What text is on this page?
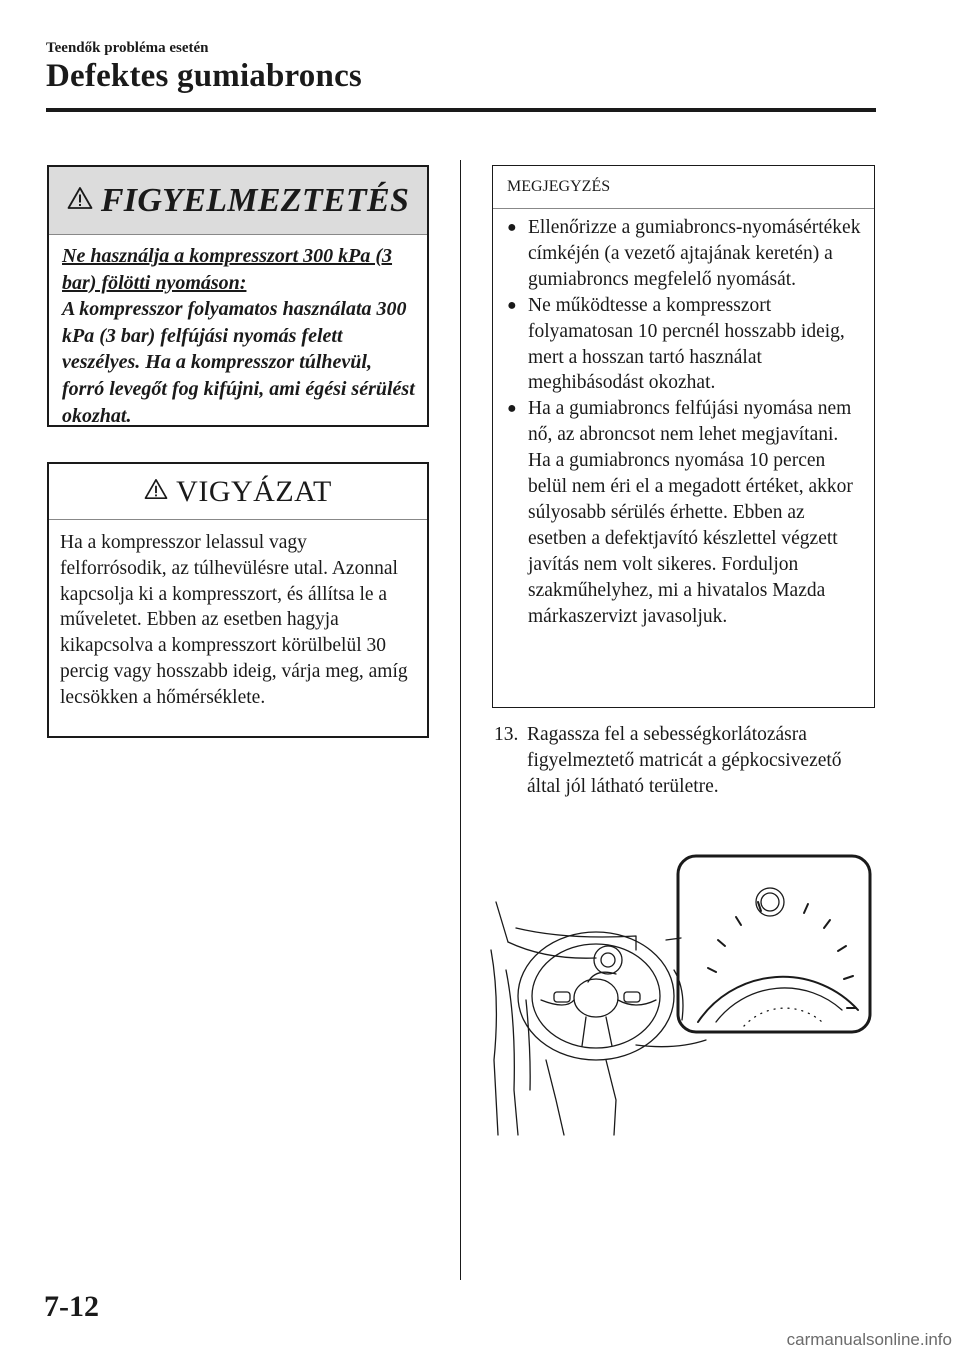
Teendők probléma esetén
Defektes gumiabroncs
FIGYELMEZTETÉS
Ne használja a kompresszort 300 kPa (3 bar) fölötti nyomáson:
A kompresszor folyamatos használata 300 kPa (3 bar) felfújási nyomás felett veszélyes. Ha a kompresszor túlhevül, forró levegőt fog kifújni, ami égési sérülést okozhat.
VIGYÁZAT
Ha a kompresszor lelassul vagy felforrósodik, az túlhevülésre utal. Azonnal kapcsolja ki a kompresszort, és állítsa le a műveletet. Ebben az esetben hagyja kikapcsolva a kompresszort körülbelül 30 percig vagy hosszabb ideig, várja meg, amíg lecsökken a hőmérséklete.
MEGJEGYZÉS
● Ellenőrizze a gumiabroncs-nyomásértékek címkéjén (a vezető ajtajának keretén) a gumiabroncs megfelelő nyomását.
● Ne működtesse a kompresszort folyamatosan 10 percnél hosszabb ideig, mert a hosszan tartó használat meghibásodást okozhat.
● Ha a gumiabroncs felfújási nyomása nem nő, az abroncsot nem lehet megjavítani. Ha a gumiabroncs nyomása 10 percen belül nem éri el a megadott értéket, akkor súlyosabb sérülés érhette. Ebben az esetben a defektjavító készlettel végzett javítás nem volt sikeres. Forduljon szakműhelyhez, mi a hivatalos Mazda márkaszervizt javasoljuk.
13. Ragassza fel a sebességkorlátozásra figyelmeztető matricát a gépkocsivezető által jól látható területre.
7-12
carmanualsonline.info
